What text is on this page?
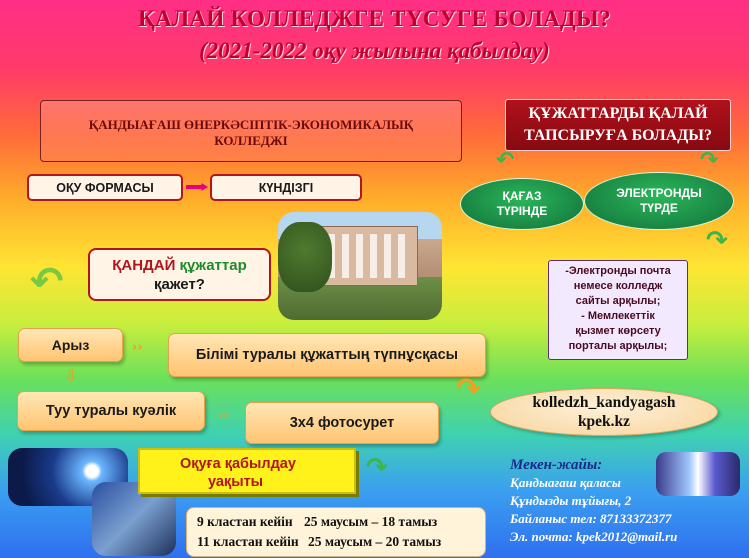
ҚАЛАЙ КОЛЛЕДЖГЕ ТҮСУГЕ БОЛАДЫ?
(2021-2022 оқу жылына қабылдау)
ҚАНДЫАҒАШ ӨНЕРКӘСІПТІК-ЭКОНОМИКАЛЫҚ КОЛЛЕДЖІ
ОҚУ ФОРМАСЫ	КҮНДІЗГІ
ҚҰЖАТТАРДЫ ҚАЛАЙ ТАПСЫРУҒА БОЛАДЫ?
↶	↷
ҚАҒАЗ ТҮРІНДЕ
ЭЛЕКТРОНДЫ ТҮРДЕ
↷
-Электронды почта
немесе колледж
сайты арқылы;
- Мемлекеттік
қызмет көрсету
порталы арқылы;
↶	ҚАНДАЙ құжаттар
қажет?
Арыз	››	Білімі туралы құжаттың түпнұсқасы
⇩
Туу туралы куәлік	››	3х4 фотосурет
↷	kolledzh_kandyagash
kpek.kz
Оқуға қабылдау
уақыты	↷
9 кластан кейін 25 маусым – 18 тамыз
11 кластан кейін 25 маусым – 20 тамыз
Мекен-жайы:
Қандыағаш қаласы
Құндызды тұйығы, 2
Байланыс тел: 87133372377
Эл. почта: kpek2012@mail.ru
